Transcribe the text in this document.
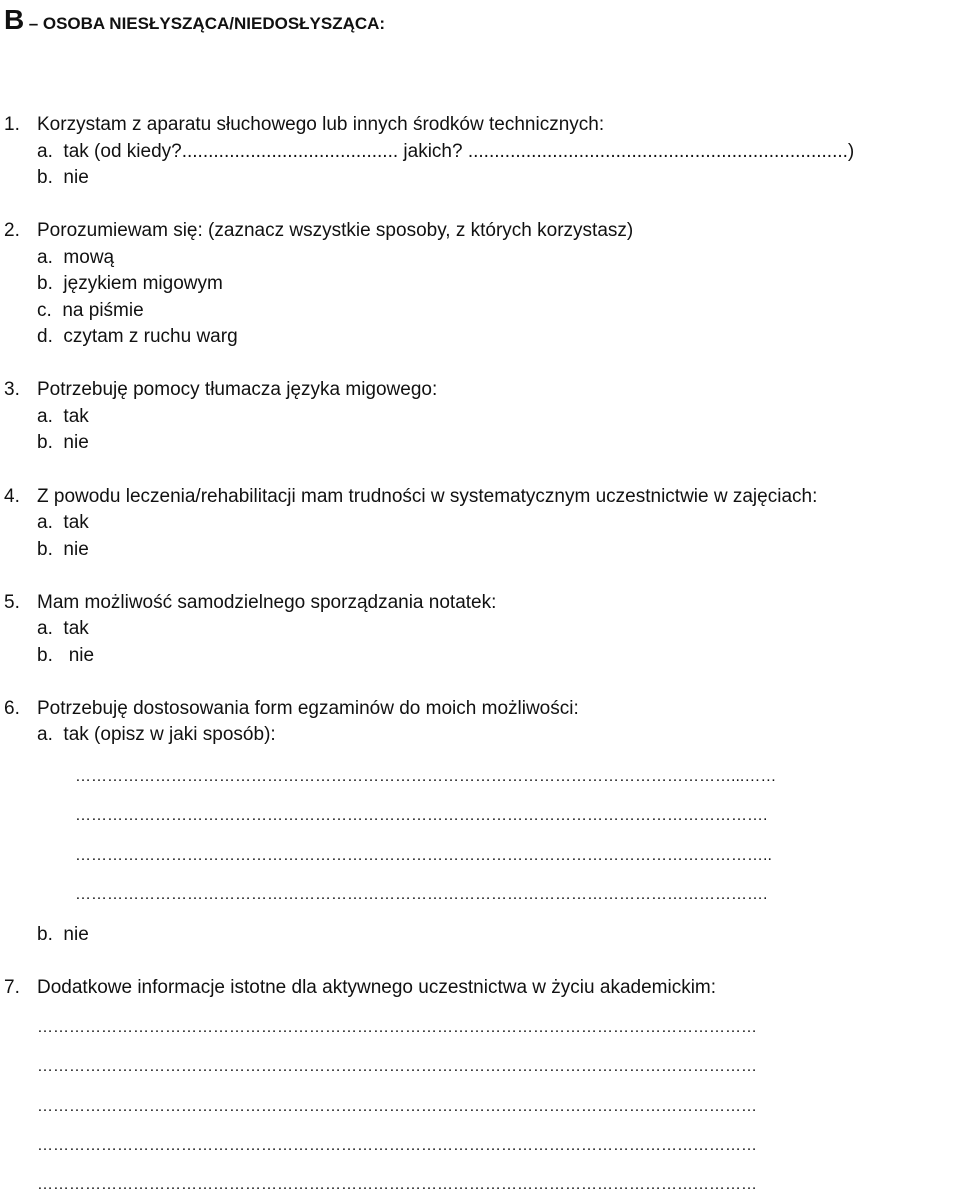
B – OSOBA NIESŁYSZĄCA/NIEDOSŁYSZĄCA:
1. Korzystam z aparatu słuchowego lub innych środków technicznych:
a. tak (od kiedy?......................................... jakich? ........................................................................)
b. nie
2. Porozumiewam się: (zaznacz wszystkie sposoby, z których korzystasz)
a. mową
b. językiem migowym
c. na piśmie
d. czytam z ruchu warg
3. Potrzebuję pomocy tłumacza języka migowego:
a. tak
b. nie
4. Z powodu leczenia/rehabilitacji mam trudności w systematycznym uczestnictwie w zajęciach:
a. tak
b. nie
5. Mam możliwość samodzielnego sporządzania notatek:
a. tak
b. nie
6. Potrzebuję dostosowania form egzaminów do moich możliwości:
a. tak (opisz w jaki sposób):
……………………………………………………………………………………………………………...……
………………………………………………………………………………………………………………….
…………………………………………………………………………………………………………………..
………………………………………………………………………………………………………………….
b. nie
7. Dodatkowe informacje istotne dla aktywnego uczestnictwa w życiu akademickim:
………………………………………………………………………………………………………………………
………………………………………………………………………………………………………………………
………………………………………………………………………………………………………………………
………………………………………………………………………………………………………………………
………………………………………………………………………………………………………………………
